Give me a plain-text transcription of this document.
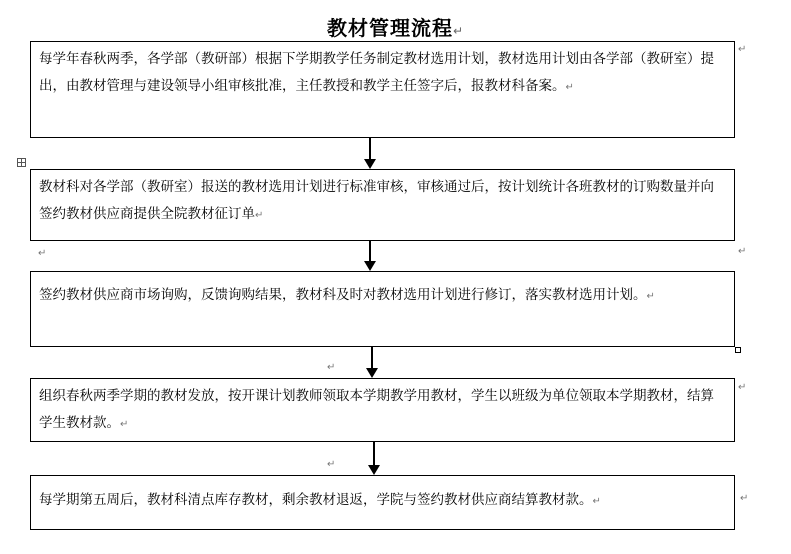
教材管理流程↵
↵
↵
↵
↵
↵
↵
↵
每学年春秋两季，各学部（教研部）根据下学期教学任务制定教材选用计划，教材选用计划由各学部（教研室）提出，由教材管理与建设领导小组审核批准，主任教授和教学主任签字后，报教材科备案。↵
教材科对各学部（教研室）报送的教材选用计划进行标准审核，审核通过后，按计划统计各班教材的订购数量并向签约教材供应商提供全院教材征订单↵
签约教材供应商市场询购，反馈询购结果，教材科及时对教材选用计划进行修订，落实教材选用计划。↵
组织春秋两季学期的教材发放，按开课计划教师领取本学期教学用教材，学生以班级为单位领取本学期教材，结算学生教材款。↵
每学期第五周后，教材科清点库存教材，剩余教材退返，学院与签约教材供应商结算教材款。↵
